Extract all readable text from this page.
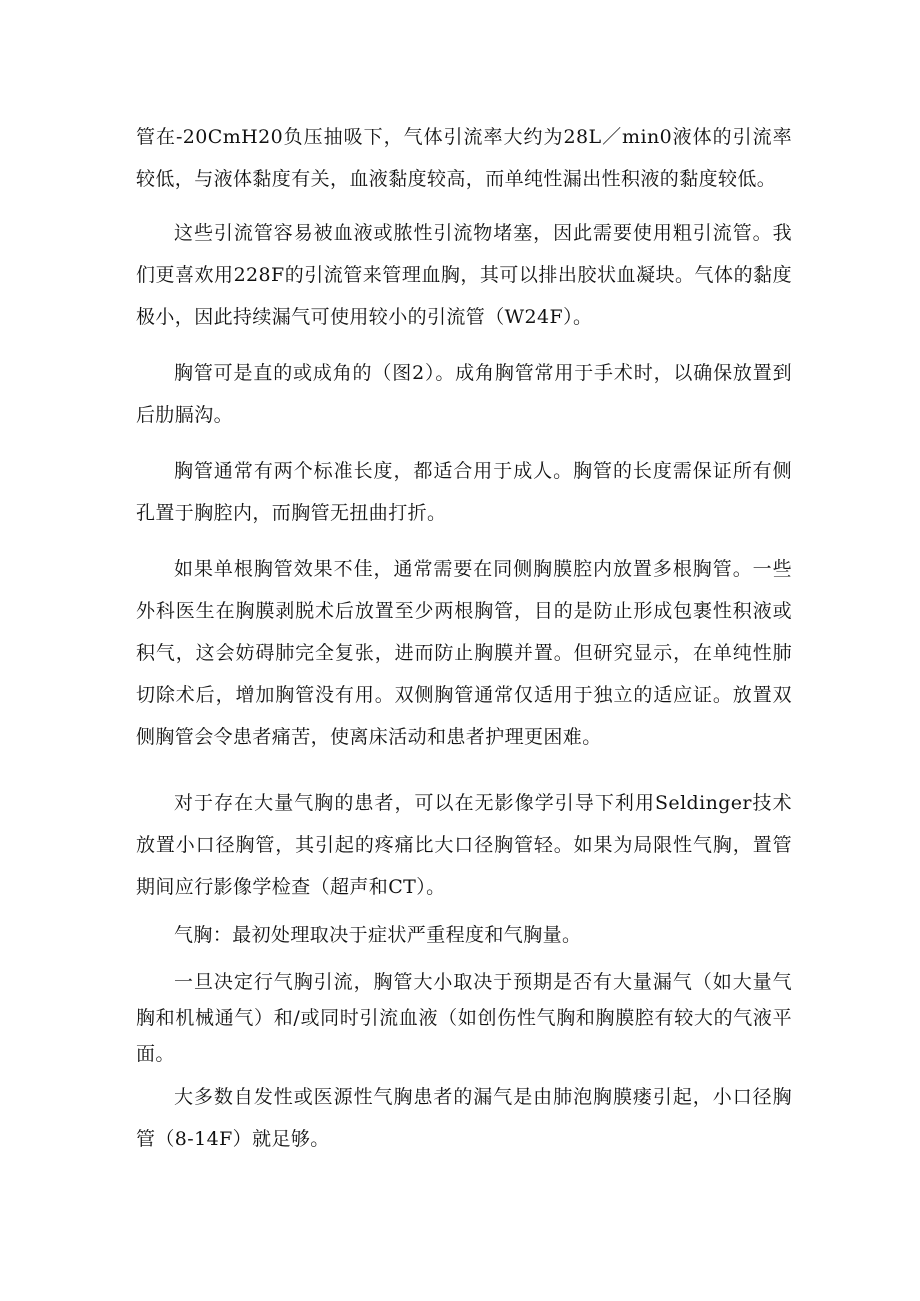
管在-20CmH20负压抽吸下，气体引流率大约为28L／min0液体的引流率较低，与液体黏度有关，血液黏度较高，而单纯性漏出性积液的黏度较低。

这些引流管容易被血液或脓性引流物堵塞，因此需要使用粗引流管。我们更喜欢用228F的引流管来管理血胸，其可以排出胶状血凝块。气体的黏度极小，因此持续漏气可使用较小的引流管（W24F）。

胸管可是直的或成角的（图2）。成角胸管常用于手术时，以确保放置到后肋膈沟。

胸管通常有两个标准长度，都适合用于成人。胸管的长度需保证所有侧孔置于胸腔内，而胸管无扭曲打折。

如果单根胸管效果不佳，通常需要在同侧胸膜腔内放置多根胸管。一些外科医生在胸膜剥脱术后放置至少两根胸管，目的是防止形成包裹性积液或积气，这会妨碍肺完全复张，进而防止胸膜并置。但研究显示，在单纯性肺切除术后，增加胸管没有用。双侧胸管通常仅适用于独立的适应证。放置双侧胸管会令患者痛苦，使离床活动和患者护理更困难。

对于存在大量气胸的患者，可以在无影像学引导下利用Seldinger技术放置小口径胸管，其引起的疼痛比大口径胸管轻。如果为局限性气胸，置管期间应行影像学检查（超声和CT）。

气胸：最初处理取决于症状严重程度和气胸量。

一旦决定行气胸引流，胸管大小取决于预期是否有大量漏气（如大量气胸和机械通气）和/或同时引流血液（如创伤性气胸和胸膜腔有较大的气液平面。

大多数自发性或医源性气胸患者的漏气是由肺泡胸膜瘘引起，小口径胸管（8-14F）就足够。
